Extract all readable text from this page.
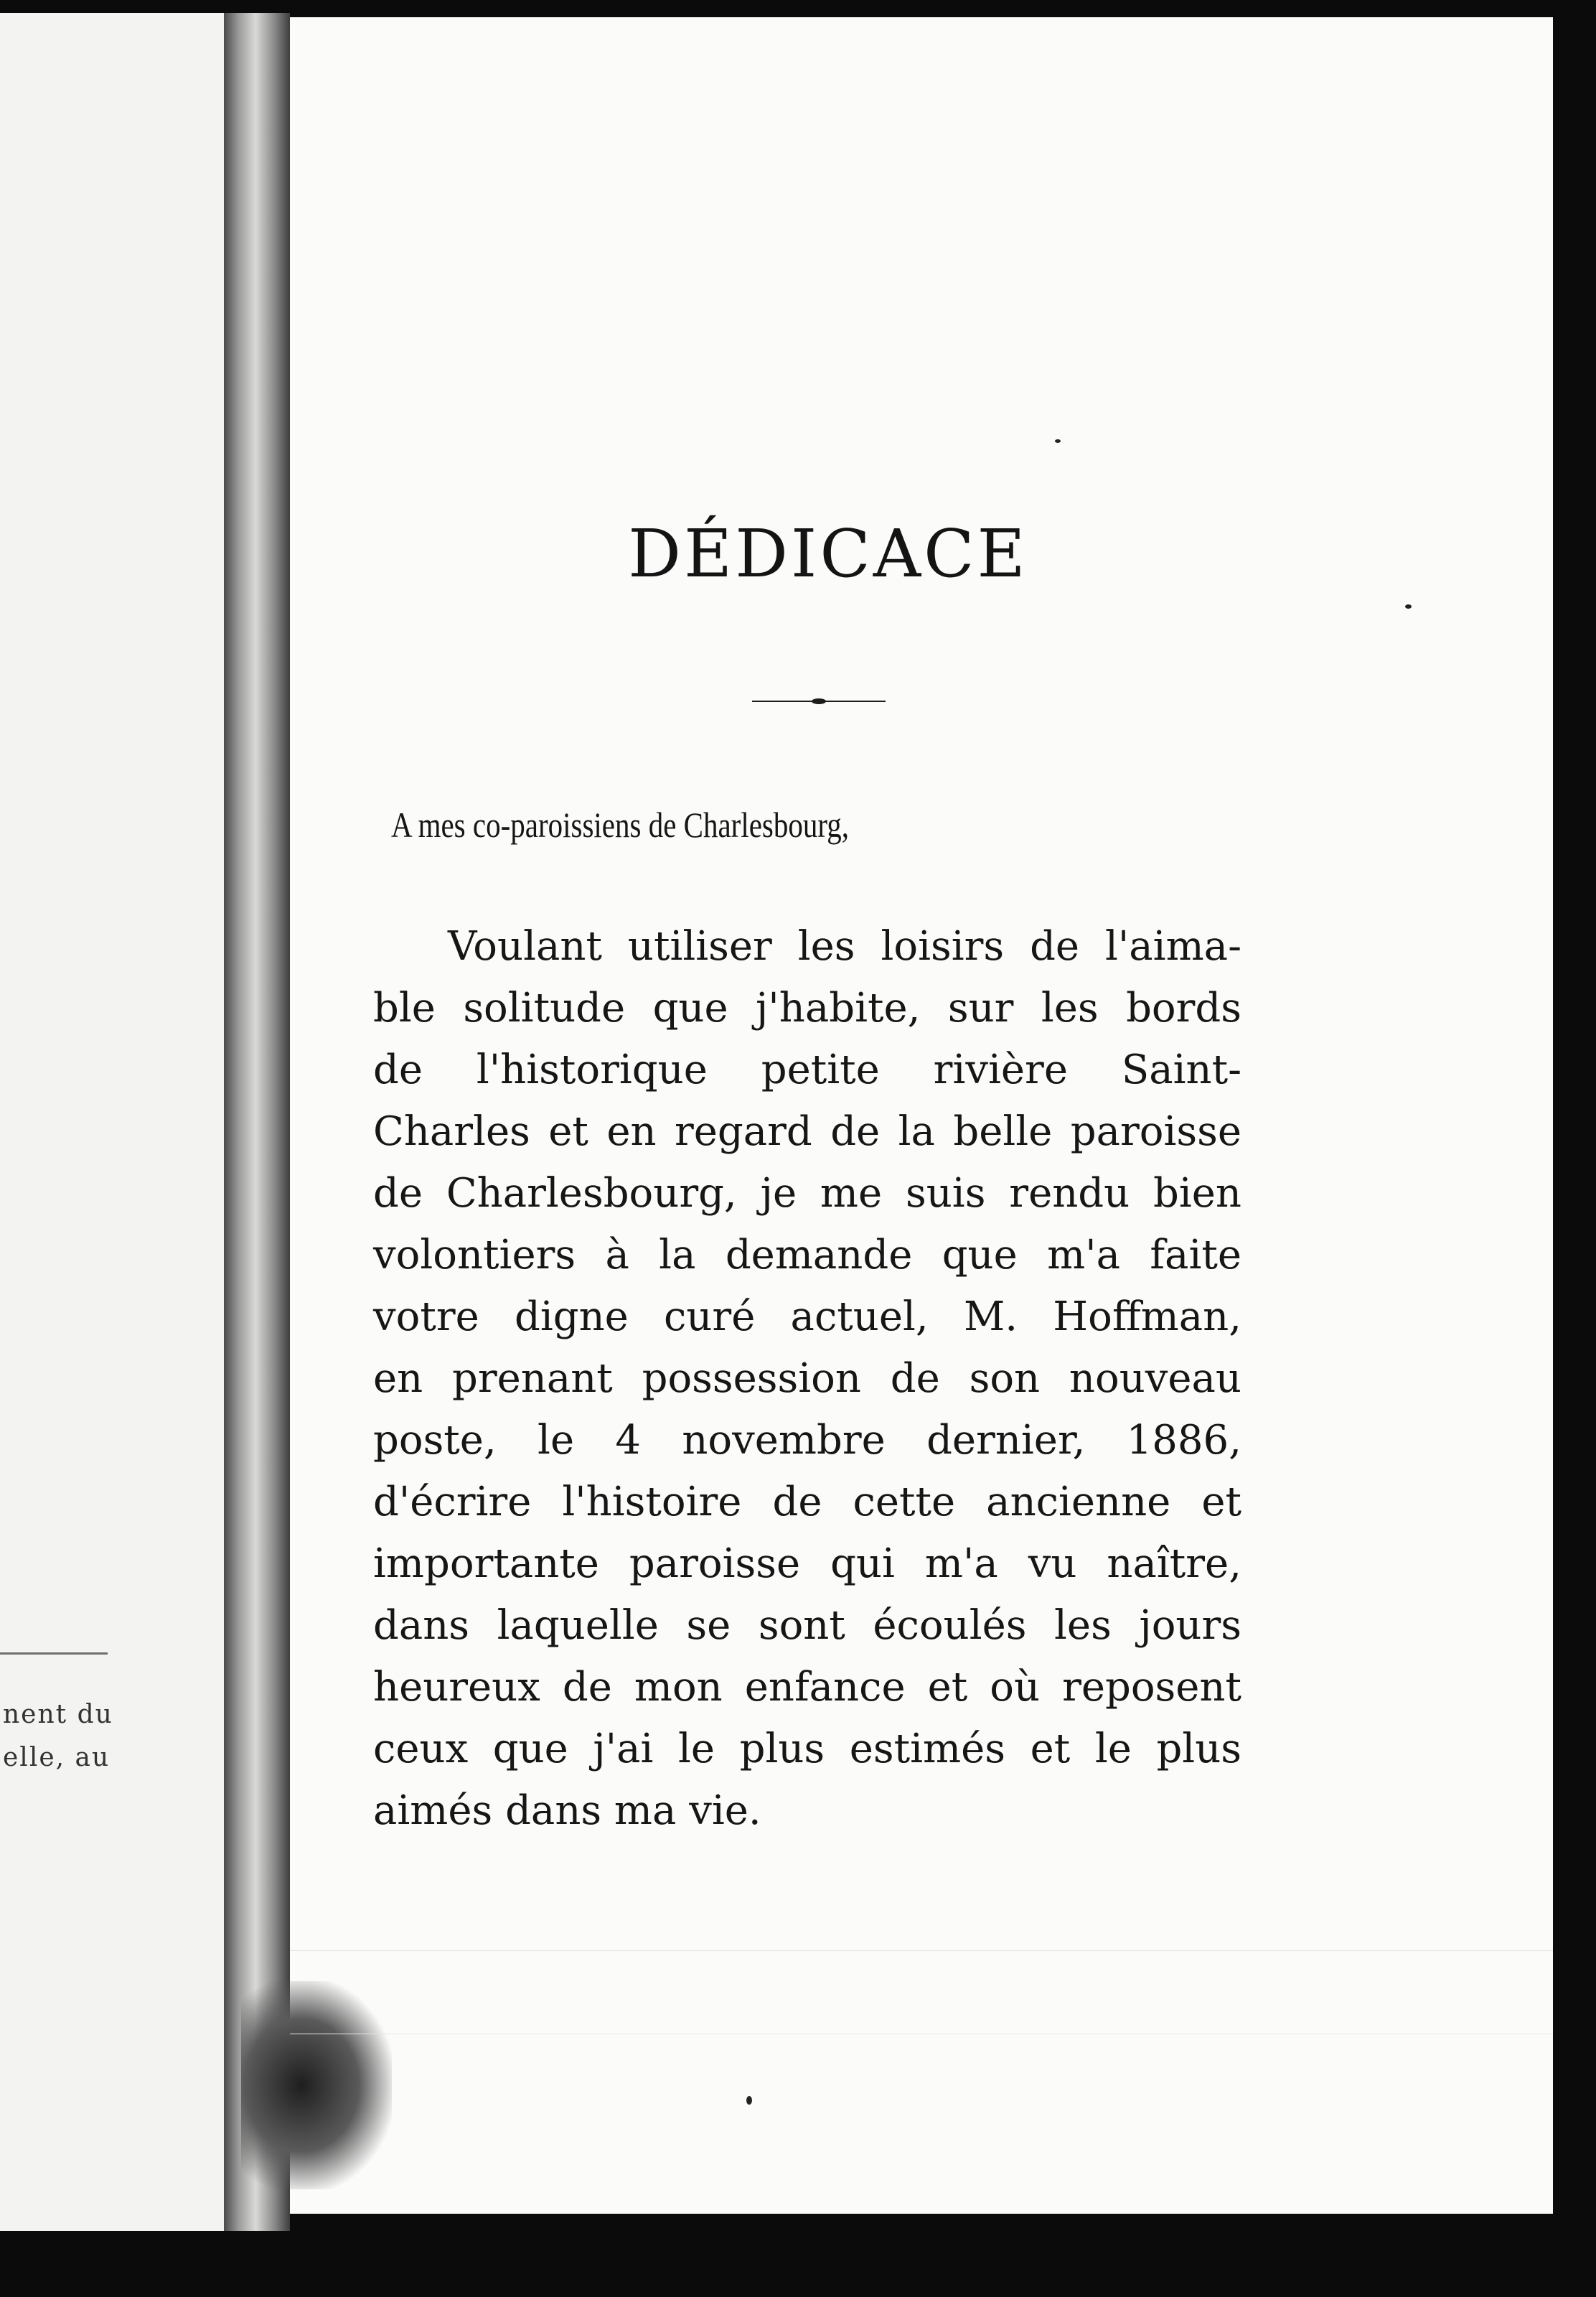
nent du
elle, au
DÉDICACE
A mes co-paroissiens de Charlesbourg,
Voulant utiliser les loisirs de l'aima-
ble solitude que j'habite, sur les bords
de l'historique petite rivière Saint-
Charles et en regard de la belle paroisse
de Charlesbourg, je me suis rendu bien
volontiers à la demande que m'a faite
votre digne curé actuel, M. Hoffman,
en prenant possession de son nouveau
poste, le 4 novembre dernier, 1886,
d'écrire l'histoire de cette ancienne et
importante paroisse qui m'a vu naître,
dans laquelle se sont écoulés les jours
heureux de mon enfance et où reposent
ceux que j'ai le plus estimés et le plus
aimés dans ma vie.
